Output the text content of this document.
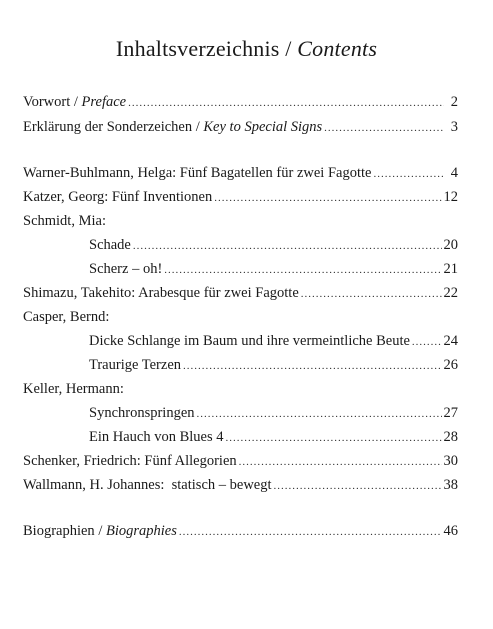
Inhaltsverzeichnis / Contents
Vorwort / Preface .....	2
Erklärung der Sonderzeichen / Key to Special Signs .....	3
Warner-Buhlmann, Helga: Fünf Bagatellen für zwei Fagotte .....	4
Katzer, Georg: Fünf Inventionen .....	12
Schmidt, Mia:
Schade .....	20
Scherz – oh! .....	21
Shimazu, Takehito: Arabesque für zwei Fagotte .....	22
Casper, Bernd:
Dicke Schlange im Baum und ihre vermeintliche Beute ..... 24
Traurige Terzen .....	26
Keller, Hermann:
Synchronspringen .....	27
Ein Hauch von Blues 4 .....	28
Schenker, Friedrich: Fünf Allegorien .....	30
Wallmann, H. Johannes:  statisch – bewegt .....	38
Biographien / Biographies .....	46
